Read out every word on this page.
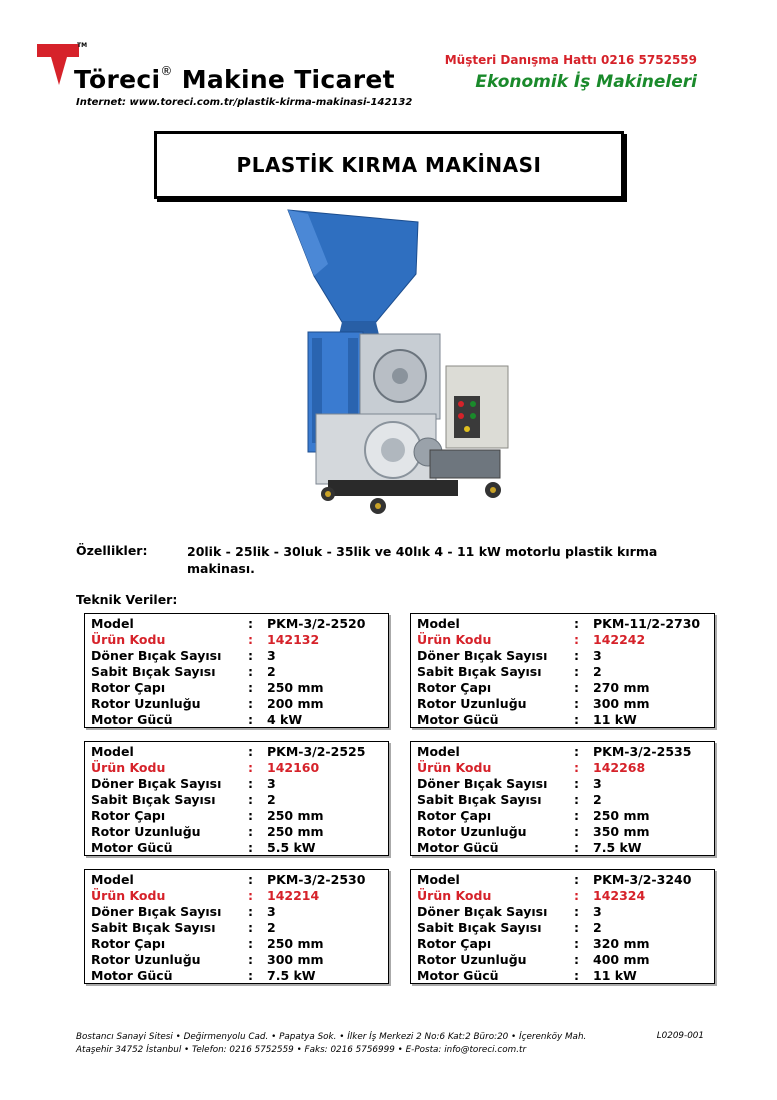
TM
Töreci® Makine Ticaret
Internet: www.toreci.com.tr/plastik-kirma-makinasi-142132
Müşteri Danışma Hattı 0216 5752559
Ekonomik İş Makineleri
PLASTİK KIRMA MAKİNASI
Özellikler:	20lik - 25lik - 30luk - 35lik ve 40lık 4 - 11 kW motorlu plastik kırma makinası.
Teknik Veriler:
Model	:	PKM-3/2-2520
Ürün Kodu	:	142132
Döner Bıçak Sayısı	:	3
Sabit Bıçak Sayısı	:	2
Rotor Çapı	:	250 mm
Rotor Uzunluğu	:	200 mm
Motor Gücü	:	4 kW
Model	:	PKM-11/2-2730
Ürün Kodu	:	142242
Döner Bıçak Sayısı	:	3
Sabit Bıçak Sayısı	:	2
Rotor Çapı	:	270 mm
Rotor Uzunluğu	:	300 mm
Motor Gücü	:	11 kW
Model	:	PKM-3/2-2525
Ürün Kodu	:	142160
Döner Bıçak Sayısı	:	3
Sabit Bıçak Sayısı	:	2
Rotor Çapı	:	250 mm
Rotor Uzunluğu	:	250 mm
Motor Gücü	:	5.5 kW
Model	:	PKM-3/2-2535
Ürün Kodu	:	142268
Döner Bıçak Sayısı	:	3
Sabit Bıçak Sayısı	:	2
Rotor Çapı	:	250 mm
Rotor Uzunluğu	:	350 mm
Motor Gücü	:	7.5 kW
Model	:	PKM-3/2-2530
Ürün Kodu	:	142214
Döner Bıçak Sayısı	:	3
Sabit Bıçak Sayısı	:	2
Rotor Çapı	:	250 mm
Rotor Uzunluğu	:	300 mm
Motor Gücü	:	7.5 kW
Model	:	PKM-3/2-3240
Ürün Kodu	:	142324
Döner Bıçak Sayısı	:	3
Sabit Bıçak Sayısı	:	2
Rotor Çapı	:	320 mm
Rotor Uzunluğu	:	400 mm
Motor Gücü	:	11 kW
Bostancı Sanayi Sitesi • Değirmenyolu Cad. • Papatya Sok. • İlker İş Merkezi 2 No:6 Kat:2 Büro:20 • İçerenköy Mah.
Ataşehir 34752 İstanbul • Telefon: 0216 5752559 • Faks: 0216 5756999 • E-Posta: info@toreci.com.tr
L0209-001
